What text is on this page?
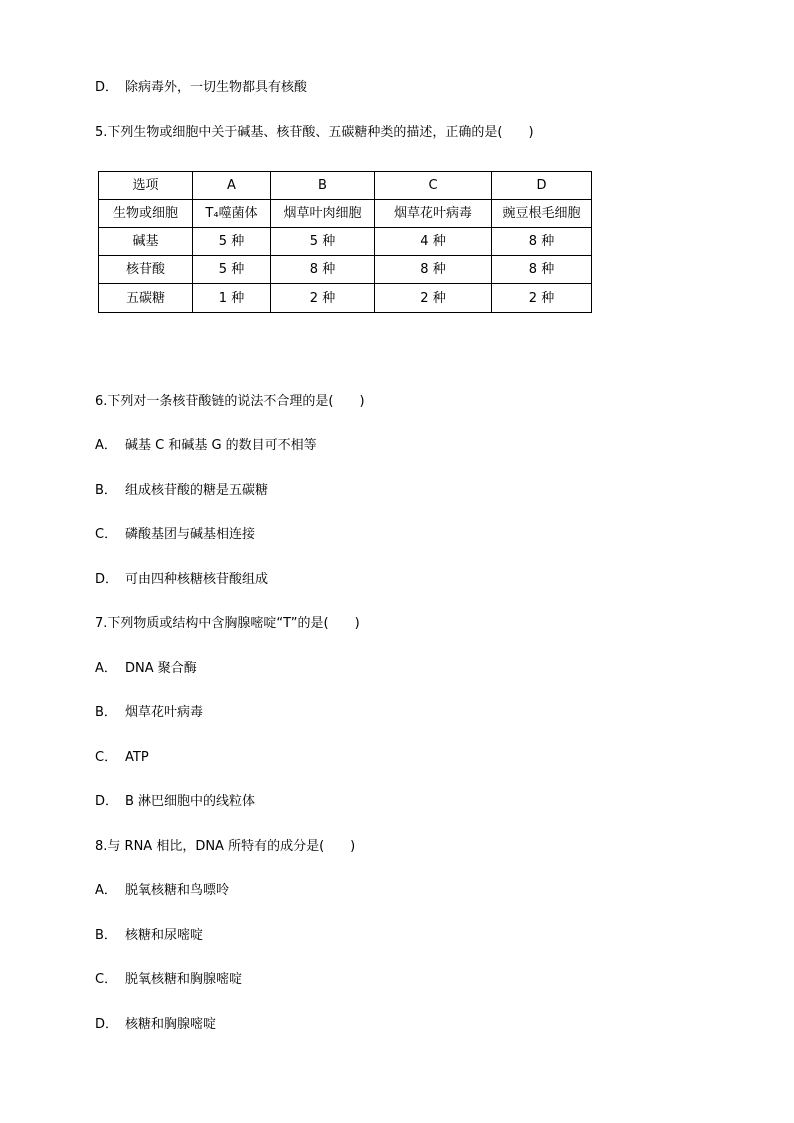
D． 除病毒外，一切生物都具有核酸
5.下列生物或细胞中关于碱基、核苷酸、五碳糖种类的描述，正确的是(　　)
选项	A	B	C	D
生物或细胞	T₄噬菌体	烟草叶肉细胞	烟草花叶病毒	豌豆根毛细胞
碱基	5 种	5 种	4 种	8 种
核苷酸	5 种	8 种	8 种	8 种
五碳糖	1 种	2 种	2 种	2 种
6.下列对一条核苷酸链的说法不合理的是(　　)
A． 碱基 C 和碱基 G 的数目可不相等
B． 组成核苷酸的糖是五碳糖
C． 磷酸基团与碱基相连接
D． 可由四种核糖核苷酸组成
7.下列物质或结构中含胸腺嘧啶“T”的是(　　)
A． DNA 聚合酶
B． 烟草花叶病毒
C． ATP
D． B 淋巴细胞中的线粒体
8.与 RNA 相比，DNA 所特有的成分是(　　)
A． 脱氧核糖和鸟嘌呤
B． 核糖和尿嘧啶
C． 脱氧核糖和胸腺嘧啶
D． 核糖和胸腺嘧啶
